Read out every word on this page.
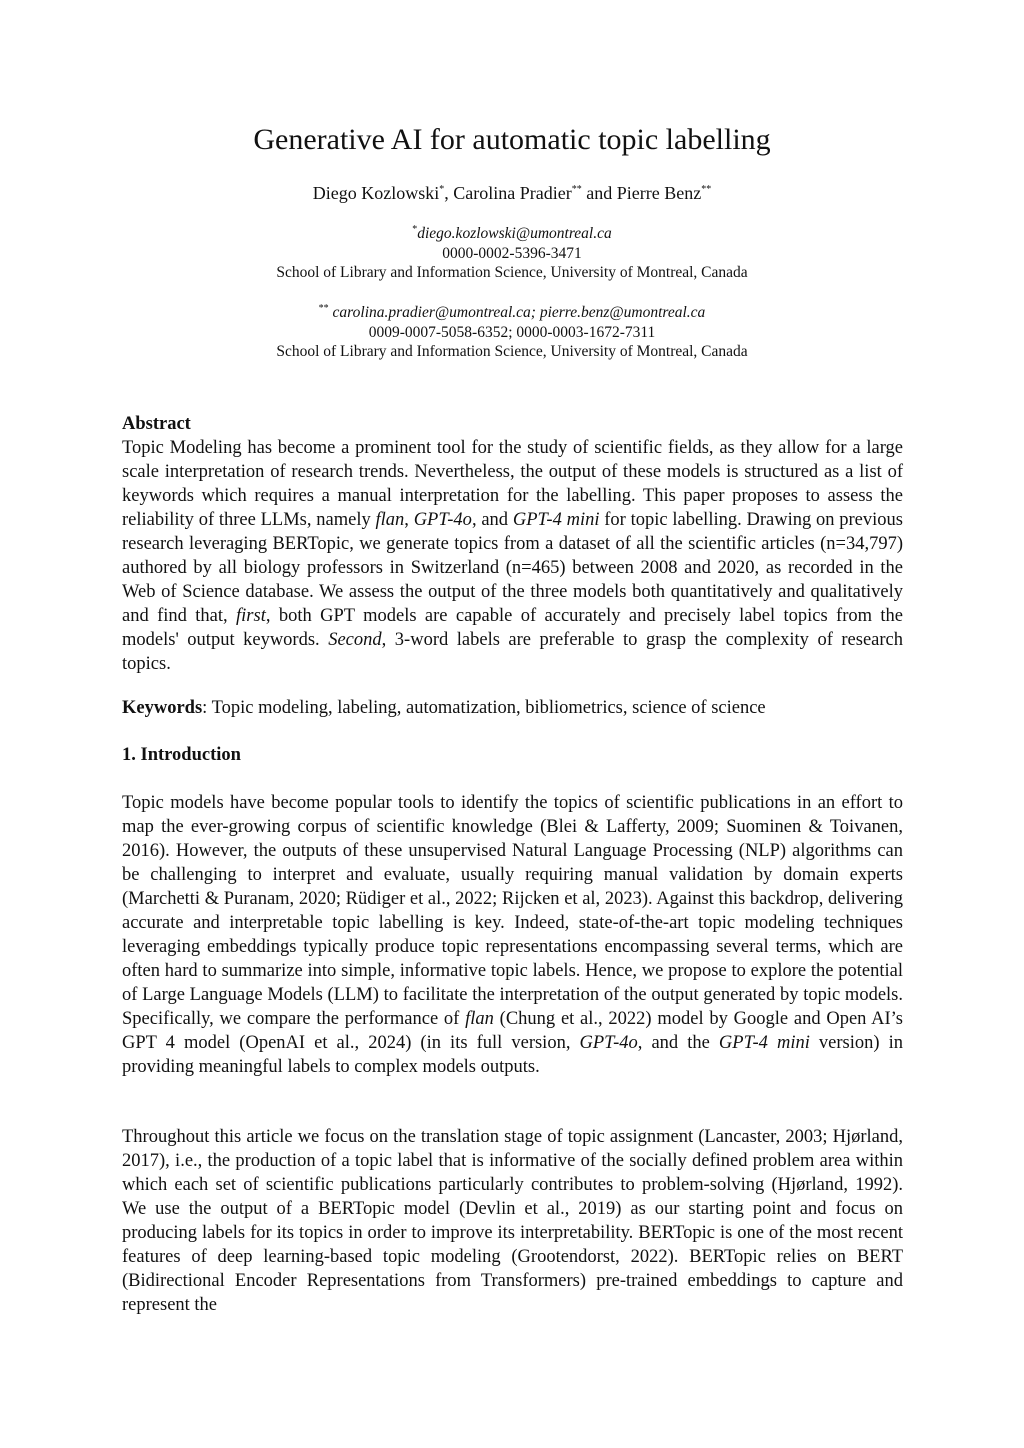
Generative AI for automatic topic labelling
Diego Kozlowski*, Carolina Pradier** and Pierre Benz**
*diego.kozlowski@umontreal.ca
0000-0002-5396-3471
School of Library and Information Science, University of Montreal, Canada
** carolina.pradier@umontreal.ca; pierre.benz@umontreal.ca
0009-0007-5058-6352; 0000-0003-1672-7311
School of Library and Information Science, University of Montreal, Canada
Abstract
Topic Modeling has become a prominent tool for the study of scientific fields, as they allow for a large scale interpretation of research trends. Nevertheless, the output of these models is structured as a list of keywords which requires a manual interpretation for the labelling. This paper proposes to assess the reliability of three LLMs, namely flan, GPT-4o, and GPT-4 mini for topic labelling. Drawing on previous research leveraging BERTopic, we generate topics from a dataset of all the scientific articles (n=34,797) authored by all biology professors in Switzerland (n=465) between 2008 and 2020, as recorded in the Web of Science database. We assess the output of the three models both quantitatively and qualitatively and find that, first, both GPT models are capable of accurately and precisely label topics from the models' output keywords. Second, 3-word labels are preferable to grasp the complexity of research topics.
Keywords: Topic modeling, labeling, automatization, bibliometrics, science of science
1. Introduction
Topic models have become popular tools to identify the topics of scientific publications in an effort to map the ever-growing corpus of scientific knowledge (Blei & Lafferty, 2009; Suominen & Toivanen, 2016). However, the outputs of these unsupervised Natural Language Processing (NLP) algorithms can be challenging to interpret and evaluate, usually requiring manual validation by domain experts (Marchetti & Puranam, 2020; Rüdiger et al., 2022; Rijcken et al, 2023). Against this backdrop, delivering accurate and interpretable topic labelling is key. Indeed, state-of-the-art topic modeling techniques leveraging embeddings typically produce topic representations encompassing several terms, which are often hard to summarize into simple, informative topic labels. Hence, we propose to explore the potential of Large Language Models (LLM) to facilitate the interpretation of the output generated by topic models. Specifically, we compare the performance of flan (Chung et al., 2022) model by Google and Open AI’s GPT 4 model (OpenAI et al., 2024) (in its full version, GPT-4o, and the GPT-4 mini version) in providing meaningful labels to complex models outputs.
Throughout this article we focus on the translation stage of topic assignment (Lancaster, 2003; Hjørland, 2017), i.e., the production of a topic label that is informative of the socially defined problem area within which each set of scientific publications particularly contributes to problem-solving (Hjørland, 1992). We use the output of a BERTopic model (Devlin et al., 2019) as our starting point and focus on producing labels for its topics in order to improve its interpretability. BERTopic is one of the most recent features of deep learning-based topic modeling (Grootendorst, 2022). BERTopic relies on BERT (Bidirectional Encoder Representations from Transformers) pre-trained embeddings to capture and represent the
